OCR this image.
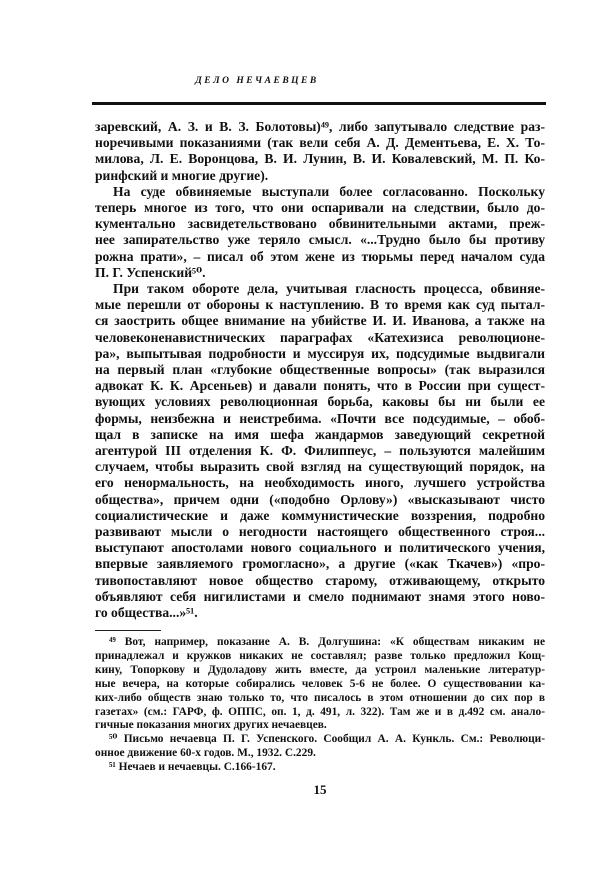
ДЕЛО НЕЧАЕВЦЕВ
заревский, А. З. и В. З. Болотовы)⁴⁹, либо запутывало следствие раз-
норечивыми показаниями (так вели себя А. Д. Дементьева, Е. Х. То-
милова, Л. Е. Воронцова, В. И. Лунин, В. И. Ковалевский, М. П. Ко-
ринфский и многие другие).
На суде обвиняемые выступали более согласованно. Поскольку
теперь многое из того, что они оспаривали на следствии, было до-
кументально засвидетельствовано обвинительными актами, преж-
нее запирательство уже теряло смысл. «...Трудно было бы противу
рожна прати», – писал об этом жене из тюрьмы перед началом суда
П. Г. Успенский⁵⁰.
При таком обороте дела, учитывая гласность процесса, обвиняе-
мые перешли от обороны к наступлению. В то время как суд пытал-
ся заострить общее внимание на убийстве И. И. Иванова, а также на
человеконенавистнических параграфах «Катехизиса революционе-
ра», выпытывая подробности и муссируя их, подсудимые выдвигали
на первый план «глубокие общественные вопросы» (так выразился
адвокат К. К. Арсеньев) и давали понять, что в России при сущест-
вующих условиях революционная борьба, каковы бы ни были ее
формы, неизбежна и неистребима. «Почти все подсудимые, – обоб-
щал в записке на имя шефа жандармов заведующий секретной
агентурой III отделения К. Ф. Филиппеус, – пользуются малейшим
случаем, чтобы выразить свой взгляд на существующий порядок, на
его ненормальность, на необходимость иного, лучшего устройства
общества», причем одни («подобно Орлову») «высказывают чисто
социалистические и даже коммунистические воззрения, подробно
развивают мысли о негодности настоящего общественного строя...
выступают апостолами нового социального и политического учения,
впервые заявляемого громогласно», а другие («как Ткачев») «про-
тивопоставляют новое общество старому, отживающему, открыто
объявляют себя нигилистами и смело поднимают знамя этого ново-
го общества...»⁵¹.
⁴⁹ Вот, например, показание А. В. Долгушина: «К обществам никаким не
принадлежал и кружков никаких не составлял; разве только предложил Кощ-
кину, Топоркову и Дудоладову жить вместе, да устроил маленькие литератур-
ные вечера, на которые собирались человек 5-6 не более. О существовании ка-
ких-либо обществ знаю только то, что писалось в этом отношении до сих пор в
газетах» (см.: ГАРФ, ф. ОППС, оп. 1, д. 491, л. 322). Там же и в д.492 см. анало-
гичные показания многих других нечаевцев.
⁵⁰ Письмо нечаевца П. Г. Успенского. Сообщил А. А. Кункль. См.: Революци-
онное движение 60-х годов. М., 1932. С.229.
⁵¹ Нечаев и нечаевцы. С.166-167.
15
